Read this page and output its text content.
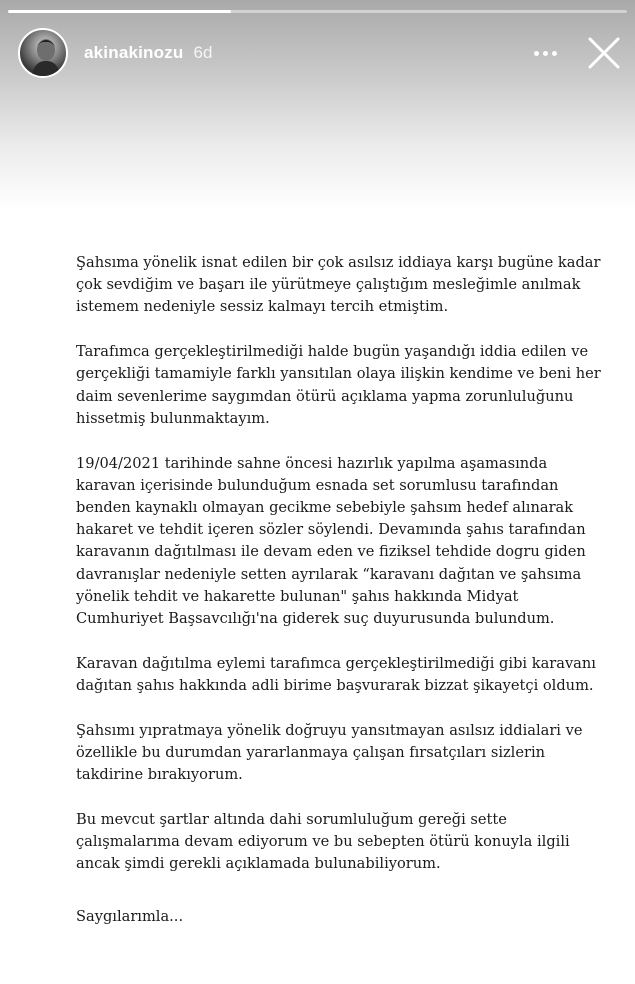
akinakinozu 6d

Şahsıma yönelik isnat edilen bir çok asılsız iddiaya karşı bugüne kadar
çok sevdiğim ve başarı ile yürütmeye çalıştığım mesleğimle anılmak
istemem nedeniyle sessiz kalmayı tercih etmiştim.

Tarafımca gerçekleştirilmediği halde bugün yaşandığı iddia edilen ve
gerçekliği tamamiyle farklı yansıtılan olaya ilişkin kendime ve beni her
daim sevenlerime saygımdan ötürü açıklama yapma zorunluluğunu
hissetmiş bulunmaktayım.

19/04/2021 tarihinde sahne öncesi hazırlık yapılma aşamasında
karavan içerisinde bulunduğum esnada set sorumlusu tarafından
benden kaynaklı olmayan gecikme sebebiyle şahsım hedef alınarak
hakaret ve tehdit içeren sözler söylendi. Devamında şahıs tarafından
karavanın dağıtılması ile devam eden ve fiziksel tehdide dogru giden
davranışlar nedeniyle setten ayrılarak “karavanı dağıtan ve şahsıma
yönelik tehdit ve hakarette bulunan" şahıs hakkında Midyat
Cumhuriyet Başsavcılığı'na giderek suç duyurusunda bulundum.

Karavan dağıtılma eylemi tarafımca gerçekleştirilmediği gibi karavanı
dağıtan şahıs hakkında adli birime başvurarak bizzat şikayetçi oldum.

Şahsımı yıpratmaya yönelik doğruyu yansıtmayan asılsız iddialari ve
özellikle bu durumdan yararlanmaya çalışan fırsatçıları sizlerin
takdirine bırakıyorum.

Bu mevcut şartlar altında dahi sorumluluğum gereği sette
çalışmalarıma devam ediyorum ve bu sebepten ötürü konuyla ilgili
ancak şimdi gerekli açıklamada bulunabiliyorum.

Saygılarımla...
